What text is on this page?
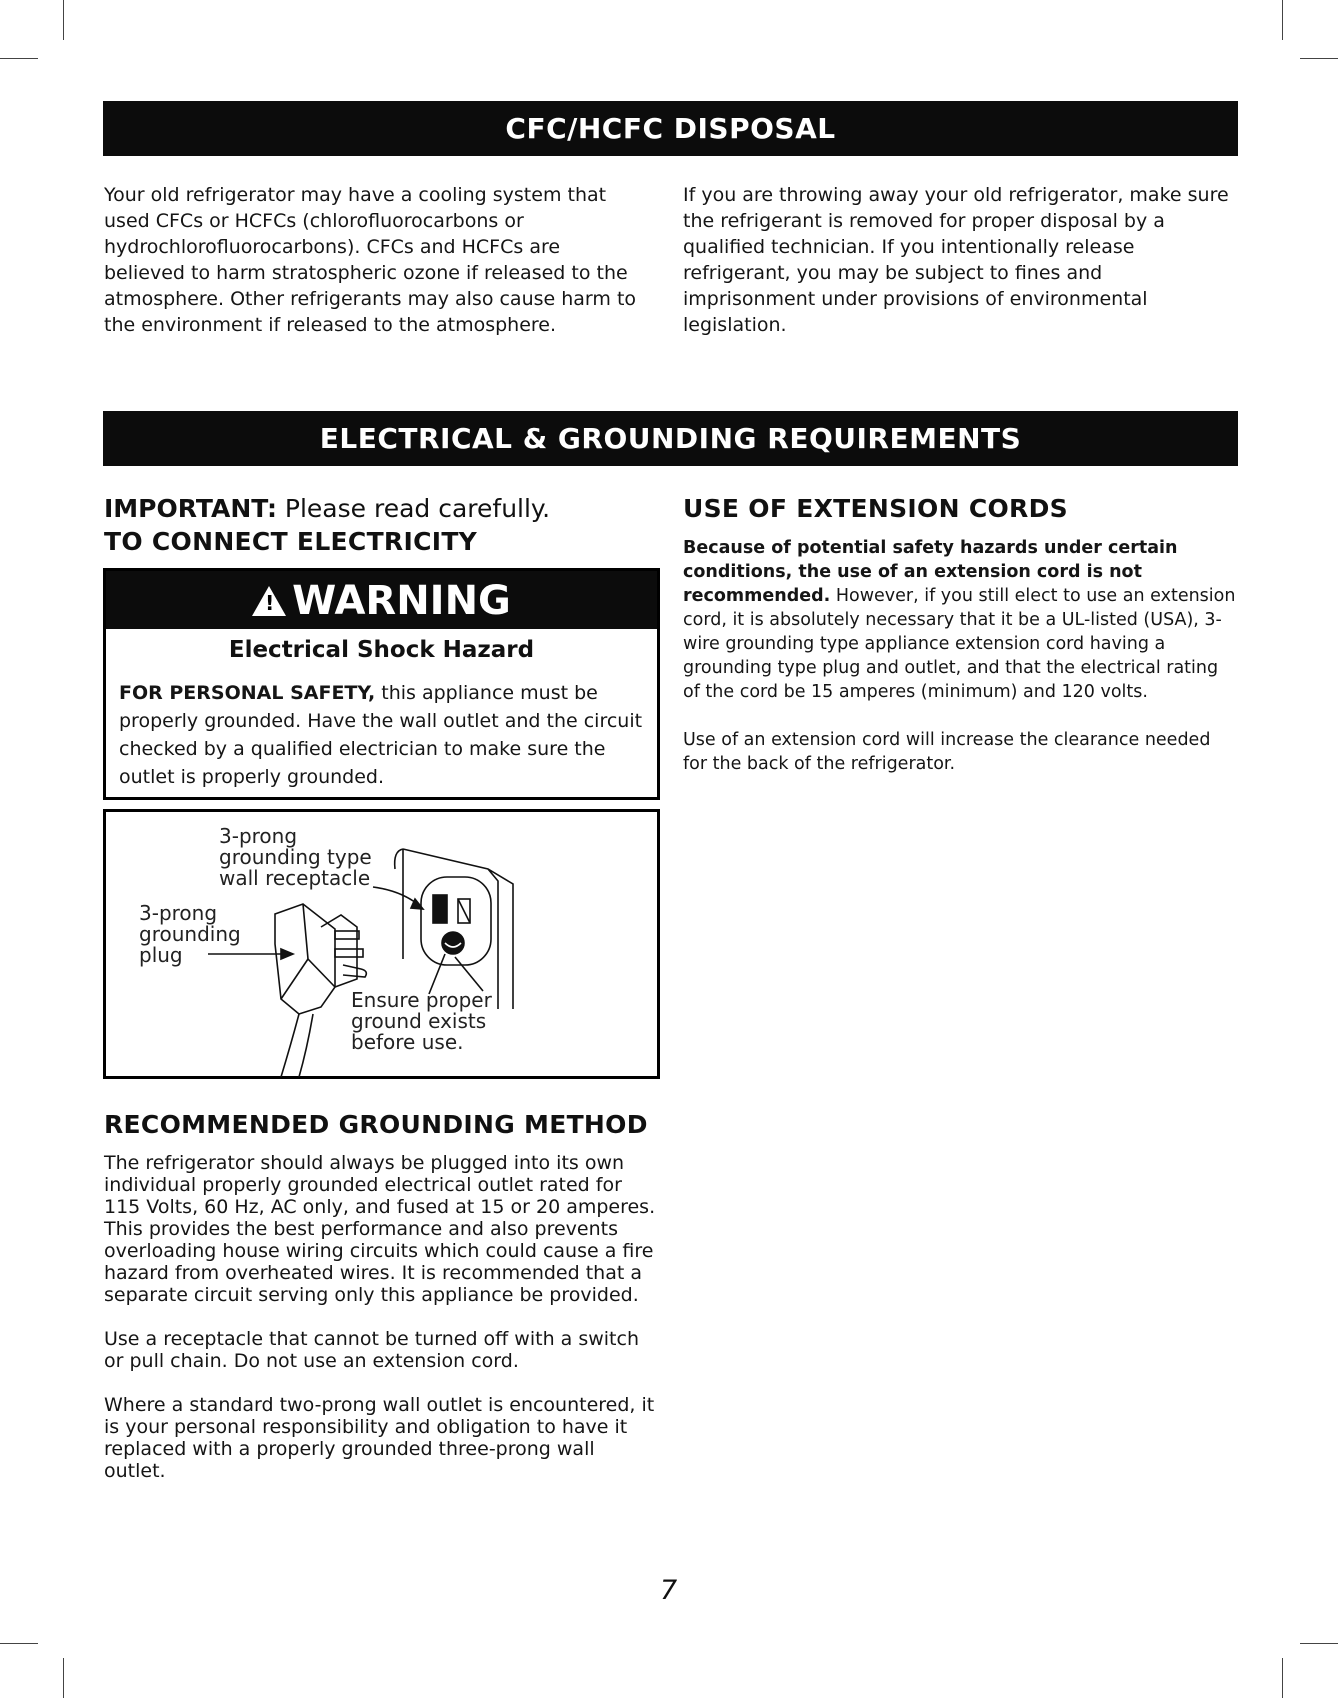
CFC/HCFC DISPOSAL
Your old refrigerator may have a cooling system that used CFCs or HCFCs (chlorofluorocarbons or hydrochlorofluorocarbons). CFCs and HCFCs are believed to harm stratospheric ozone if released to the atmosphere. Other refrigerants may also cause harm to the environment if released to the atmosphere.
If you are throwing away your old refrigerator, make sure the refrigerant is removed for proper disposal by a qualified technician. If you intentionally release refrigerant, you may be subject to fines and imprisonment under provisions of environmental legislation.
ELECTRICAL & GROUNDING REQUIREMENTS
IMPORTANT: Please read carefully.
TO CONNECT ELECTRICITY
!WARNING
Electrical Shock Hazard
FOR PERSONAL SAFETY, this appliance must be properly grounded. Have the wall outlet and the circuit checked by a qualified electrician to make sure the outlet is properly grounded.
3-prong
grounding type
wall receptacle
3-prong
grounding
plug
Ensure proper
ground exists
before use.
RECOMMENDED GROUNDING METHOD
The refrigerator should always be plugged into its own individual properly grounded electrical outlet rated for 115 Volts, 60 Hz, AC only, and fused at 15 or 20 amperes. This provides the best performance and also prevents overloading house wiring circuits which could cause a fire hazard from overheated wires. It is recommended that a separate circuit serving only this appliance be provided.
Use a receptacle that cannot be turned off with a switch or pull chain. Do not use an extension cord.
Where a standard two-prong wall outlet is encountered, it is your personal responsibility and obligation to have it replaced with a properly grounded three-prong wall outlet.
USE OF EXTENSION CORDS
Because of potential safety hazards under certain conditions, the use of an extension cord is not recommended. However, if you still elect to use an extension cord, it is absolutely necessary that it be a UL-listed (USA), 3-wire grounding type appliance extension cord having a grounding type plug and outlet, and that the electrical rating of the cord be 15 amperes (minimum) and 120 volts.
Use of an extension cord will increase the clearance needed for the back of the refrigerator.
7
